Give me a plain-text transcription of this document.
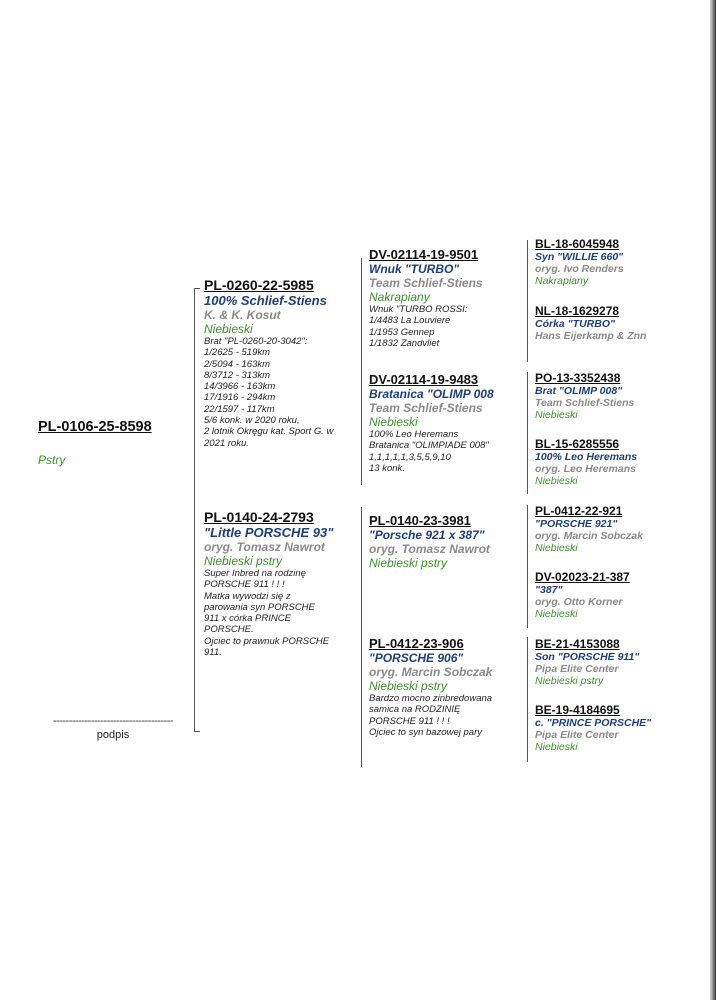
PL-0106-25-8598
Pstry
--------------------------------------
podpis
PL-0260-22-5985
100% Schlief-Stiens
K. & K. Kosut
Niebieski
Brat "PL-0260-20-3042":
1/2625 - 519km
2/5094 - 163km
8/3712 - 313km
14/3966 - 163km
17/1916 - 294km
22/1597 - 117km
5/6 konk. w 2020 roku,
2 lotnik Okręgu kat. Sport G. w
2021 roku.
PL-0140-24-2793
"Little PORSCHE 93"
oryg. Tomasz Nawrot
Niebieski pstry
Super Inbred na rodzinę
PORSCHE 911 ! ! !
Matka wywodzi się z
parowania syn PORSCHE
911 x córka PRINCE
PORSCHE.
Ojciec to prawnuk PORSCHE
911.
DV-02114-19-9501
Wnuk "TURBO"
Team Schlief-Stiens
Nakrapiany
Wnuk "TURBO ROSSI:
1/4483 La Louviere
1/1953 Gennep
1/1832 Zandvliet
DV-02114-19-9483
Bratanica "OLIMP 008
Team Schlief-Stiens
Niebieski
100% Leo Heremans
Bratanica "OLIMPIADE 008"
1,1,1,1,1,3,5,5,9,10
13 konk.
PL-0140-23-3981
"Porsche 921 x 387"
oryg. Tomasz Nawrot
Niebieski pstry
PL-0412-23-906
"PORSCHE 906"
oryg. Marcin Sobczak
Niebieski pstry
Bardzo mocno zinbredowana
samica na RODZINIĘ
PORSCHE 911 ! ! !
Ojciec to syn bazowej pary
BL-18-6045948
Syn "WILLIE 660"
oryg. Ivo Renders
Nakrapiany
NL-18-1629278
Córka "TURBO"
Hans Eijerkamp & Znn
PO-13-3352438
Brat "OLIMP 008"
Team Schlief-Stiens
Niebieski
BL-15-6285556
100% Leo Heremans
oryg. Leo Heremans
Niebieski
PL-0412-22-921
"PORSCHE 921"
oryg. Marcin Sobczak
Niebieski
DV-02023-21-387
"387"
oryg. Otto Korner
Niebieski
BE-21-4153088
Son "PORSCHE 911"
Pipa Elite Center
Niebieski pstry
BE-19-4184695
c. "PRINCE PORSCHE"
Pipa Elite Center
Niebieski
